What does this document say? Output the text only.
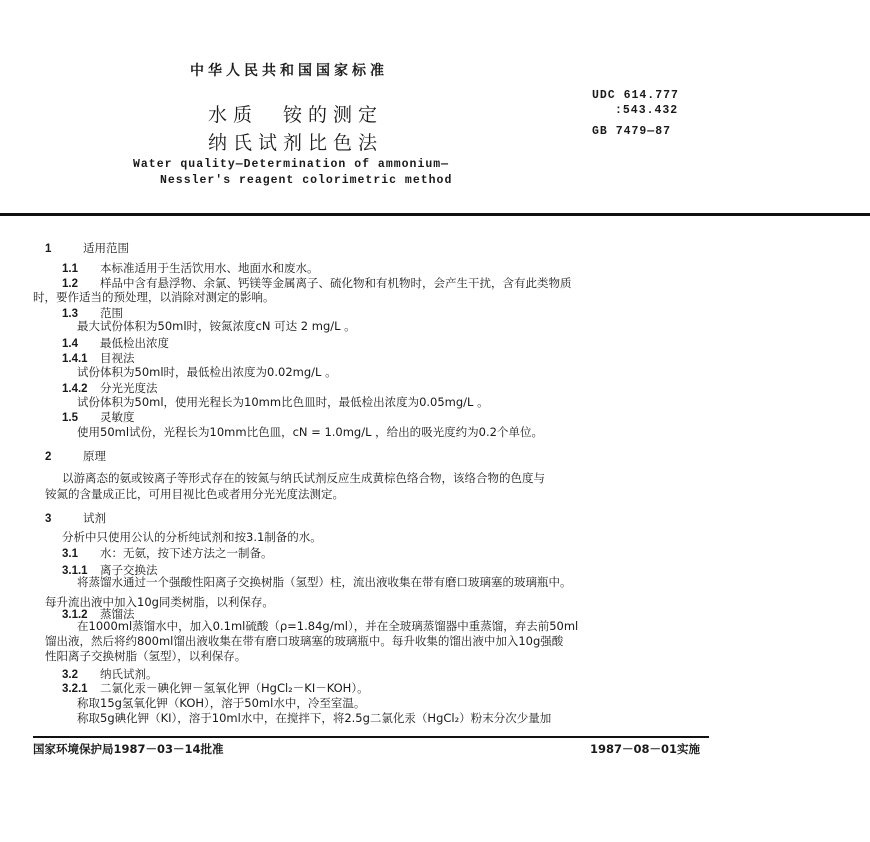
中华人民共和国国家标准
水质　铵的测定
纳氏试剂比色法
UDC 614.777
:543.432
GB 7479—87
Water quality—Determination of ammonium—
Nessler's reagent colorimetric method
1	适用范围
1.1 本标准适用于生活饮用水、地面水和废水。
1.2 样品中含有悬浮物、余氯、钙镁等金属离子、硫化物和有机物时，会产生干扰，含有此类物质
时，要作适当的预处理，以消除对测定的影响。
1.3 范围
最大试份体积为50ml时，铵氮浓度cN 可达 2 mg/L 。
1.4 最低检出浓度
1.4.1 目视法
试份体积为50ml时，最低检出浓度为0.02mg/L 。
1.4.2 分光光度法
试份体积为50ml，使用光程长为10mm比色皿时，最低检出浓度为0.05mg/L 。
1.5 灵敏度
使用50ml试份，光程长为10mm比色皿，cN = 1.0mg/L ，给出的吸光度约为0.2个单位。
2	原理
以游离态的氨或铵离子等形式存在的铵氮与纳氏试剂反应生成黄棕色络合物，该络合物的色度与
铵氮的含量成正比，可用目视比色或者用分光光度法测定。
3	试剂
分析中只使用公认的分析纯试剂和按3.1制备的水。
3.1 水：无氨，按下述方法之一制备。
3.1.1 离子交换法
将蒸馏水通过一个强酸性阳离子交换树脂（氢型）柱，流出液收集在带有磨口玻璃塞的玻璃瓶中。
每升流出液中加入10g同类树脂，以利保存。
3.1.2 蒸馏法
在1000ml蒸馏水中，加入0.1ml硫酸（ρ=1.84g/ml），并在全玻璃蒸馏器中重蒸馏，弃去前50ml
馏出液，然后将约800ml馏出液收集在带有磨口玻璃塞的玻璃瓶中。每升收集的馏出液中加入10g强酸
性阳离子交换树脂（氢型），以利保存。
3.2 纳氏试剂。
3.2.1 二氯化汞－碘化钾－氢氧化钾（HgCl₂－KI－KOH）。
称取15g氢氧化钾（KOH），溶于50ml水中，冷至室温。
称取5g碘化钾（KI），溶于10ml水中，在搅拌下，将2.5g二氯化汞（HgCl₂）粉末分次少量加
国家环境保护局1987－03－14批准	1987－08－01实施
